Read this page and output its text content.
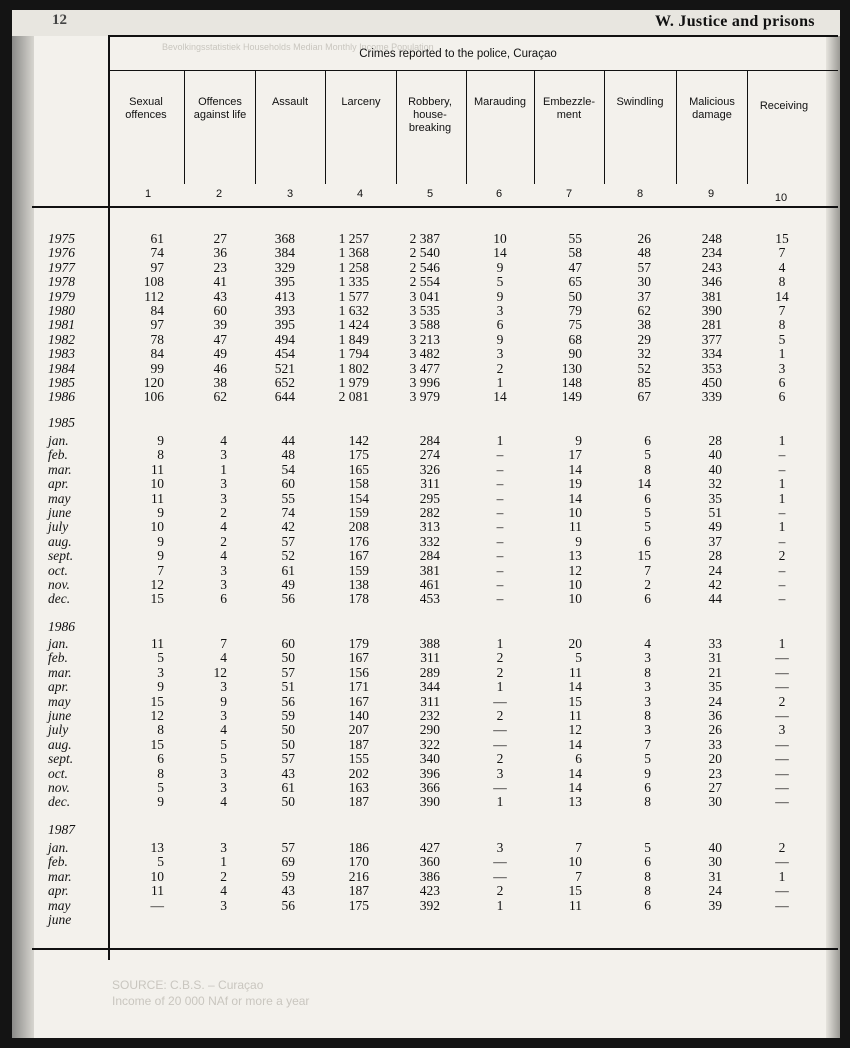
12	W. Justice and prisons
Bevolkingsstatistiek Households Median Monthly Income Population
Crimes reported to the police, Curaçao
Sexual offences
Offences against life
Assault	Larceny	Robbery, house-breaking
Marauding	Embezzle-ment
Swindling	Malicious damage
Receiving
1	2	3	4	5	6	7	8	9	10
1975	61	27	368	1 257	2 387	10	55	26	248	15
1976	74	36	384	1 368	2 540	14	58	48	234	7
1977	97	23	329	1 258	2 546	9	47	57	243	4
1978	108	41	395	1 335	2 554	5	65	30	346	8
1979	112	43	413	1 577	3 041	9	50	37	381	14
1980	84	60	393	1 632	3 535	3	79	62	390	7
1981	97	39	395	1 424	3 588	6	75	38	281	8
1982	78	47	494	1 849	3 213	9	68	29	377	5
1983	84	49	454	1 794	3 482	3	90	32	334	1
1984	99	46	521	1 802	3 477	2	130	52	353	3
1985	120	38	652	1 979	3 996	1	148	85	450	6
1986	106	62	644	2 081	3 979	14	149	67	339	6
1985
jan.	9	4	44	142	284	1	9	6	28	1
feb.	8	3	48	175	274	–	17	5	40	–
mar.	11	1	54	165	326	–	14	8	40	–
apr.	10	3	60	158	311	–	19	14	32	1
may	11	3	55	154	295	–	14	6	35	1
june	9	2	74	159	282	–	10	5	51	–
july	10	4	42	208	313	–	11	5	49	1
aug.	9	2	57	176	332	–	9	6	37	–
sept.	9	4	52	167	284	–	13	15	28	2
oct.	7	3	61	159	381	–	12	7	24	–
nov.	12	3	49	138	461	–	10	2	42	–
dec.	15	6	56	178	453	–	10	6	44	–
1986
jan.	11	7	60	179	388	1	20	4	33	1
feb.	5	4	50	167	311	2	5	3	31	—
mar.	3	12	57	156	289	2	11	8	21	—
apr.	9	3	51	171	344	1	14	3	35	—
may	15	9	56	167	311	—	15	3	24	2
june	12	3	59	140	232	2	11	8	36	—
july	8	4	50	207	290	—	12	3	26	3
aug.	15	5	50	187	322	—	14	7	33	—
sept.	6	5	57	155	340	2	6	5	20	—
oct.	8	3	43	202	396	3	14	9	23	—
nov.	5	3	61	163	366	—	14	6	27	—
dec.	9	4	50	187	390	1	13	8	30	—
1987
jan.	13	3	57	186	427	3	7	5	40	2
feb.	5	1	69	170	360	—	10	6	30	—
mar.	10	2	59	216	386	—	7	8	31	1
apr.	11	4	43	187	423	2	15	8	24	—
may	—	3	56	175	392	1	11	6	39	—
june
SOURCE: C.B.S. – Curaçao
Income of 20 000 NAf or more a year
